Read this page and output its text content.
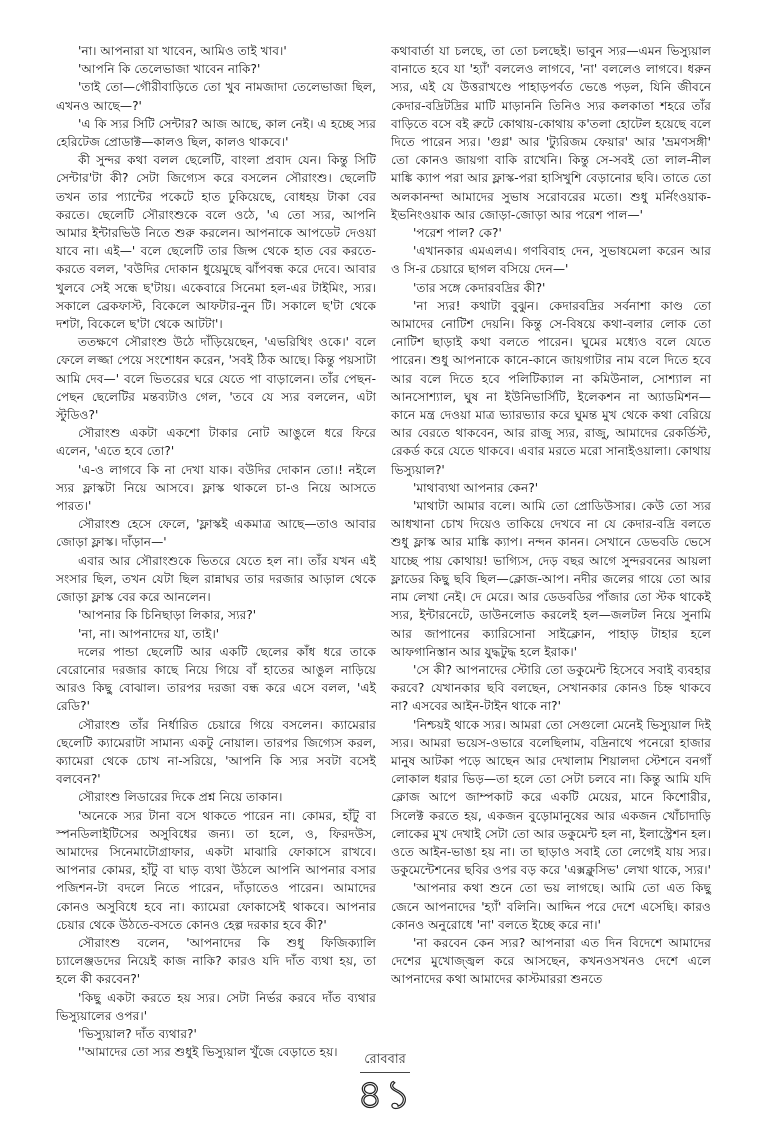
'না। আপনারা যা খাবেন, আমিও তাই খাব।'

'আপনি কি তেলেভাজা খাবেন নাকি?'

'তাই তো—গৌরীবাড়িতে তো খুব নামজাদা তেলেভাজা ছিল, এখনও আছে—?'

'এ কি স্যর সিটি সেন্টার? আজ আছে, কাল নেই। এ হচ্ছে স্যর হেরিটেজ প্রোডাক্ট—কালও ছিল, কালও থাকবে।'

কী সুন্দর কথা বলল ছেলেটি, বাংলা প্রবাদ যেন। কিন্তু সিটি সেন্টার'টা কী? সেটা জিগ্যেস করে বসলেন সৌরাংশু। ছেলেটি তখন তার প্যান্টের পকেটে হাত ঢুকিয়েছে, বোধহয় টাকা বের করতে। ছেলেটি সৌরাংশুকে বলে ওঠে, 'এ তো স্যর, আপনি আমার ইন্টারভিউ নিতে শুরু করলেন। আপনাকে আপডেট দেওয়া যাবে না। এই—' বলে ছেলেটি তার জিন্স থেকে হাত বের করতে-করতে বলল, 'বউদির দোকান ধুয়েমুছে ঝাঁপবন্ধ করে দেবে। আবার খুলবে সেই সন্ধে ছ'টায়। একেবারে সিনেমা হল-এর টাইমিং, স্যর। সকালে ব্রেকফাস্ট, বিকেলে আফটার-নুন টি। সকালে ছ'টা থেকে দশটা, বিকেলে ছ'টা থেকে আটটা'।

ততক্ষণে সৌরাংশু উঠে দাঁড়িয়েছেন, 'এভরিথিং ওকে।' বলে ফেলে লজ্জা পেয়ে সংশোধন করেন, 'সবই ঠিক আছে। কিন্তু পয়সাটা আমি দেব—' বলে ভিতরের ঘরে যেতে পা বাড়ালেন। তাঁর পেছন-পেছন ছেলেটির মন্তব্যটাও গেল, 'তবে যে স্যর বললেন, এটা স্টুডিও?'

সৌরাংশু একটা একশো টাকার নোট আঙুলে ধরে ফিরে এলেন, 'এতে হবে তো?'

'এ-ও লাগবে কি না দেখা যাক। বউদির দোকান তো।! নইলে স্যর ফ্লাস্কটা নিয়ে আসবে। ফ্লাস্ক থাকলে চা-ও নিয়ে আসতে পারত।'

সৌরাংশু হেসে ফেলে, 'ফ্লাস্কই একমাত্র আছে—তাও আবার জোড়া ফ্লাস্ক। দাঁড়ান—'

এবার আর সৌরাংশুকে ভিতরে যেতে হল না। তাঁর যখন এই সংসার ছিল, তখন যেটা ছিল রান্নাঘর তার দরজার আড়াল থেকে জোড়া ফ্লাস্ক বের করে আনলেন।

'আপনার কি চিনিছাড়া লিকার, স্যর?'

'না, না। আপনাদের যা, তাই।'

দলের পান্ডা ছেলেটি আর একটি ছেলের কাঁধ ধরে তাকে বেরোনোর দরজার কাছে নিয়ে গিয়ে বাঁ হাতের আঙুল নাড়িয়ে আরও কিছু বোঝাল। তারপর দরজা বন্ধ করে এসে বলল, 'এই রেডি?'

সৌরাংশু তাঁর নির্ধারিত চেয়ারে গিয়ে বসলেন। ক্যামেরার ছেলেটি ক্যামেরাটা সামান্য একটু নোয়াল। তারপর জিগ্যেস করল, ক্যামেরা থেকে চোখ না-সরিয়ে, 'আপনি কি স্যর সবটা বসেই বলবেন?'

সৌরাংশু লিডারের দিকে প্রশ্ন নিয়ে তাকান।

'অনেকে স্যর টানা বসে থাকতে পারেন না। কোমর, হাঁটু বা স্পনডিলাইটিসের অসুবিধের জন্য। তা হলে, ও, ফিরদউস, আমাদের সিনেমাটোগ্রাফার, একটা মাঝারি ফোকাসে রাখবে। আপনার কোমর, হাঁটু বা ঘাড় ব্যথা উঠলে আপনি আপনার বসার পজিশন-টা বদলে নিতে পারেন, দাঁড়াতেও পারেন। আমাদের কোনও অসুবিধে হবে না। ক্যামেরা ফোকাসেই থাকবে। আপনার চেয়ার থেকে উঠতে-বসতে কোনও হেল্প দরকার হবে কী?'

সৌরাংশু বলেন, 'আপনাদের কি শুধু ফিজিক্যালি চ্যালেঞ্জডদের নিয়েই কাজ নাকি? কারও যদি দাঁত ব্যথা হয়, তা হলে কী করবেন?'

'কিছু একটা করতে হয় স্যর। সেটা নির্ভর করবে দাঁত ব্যথার ভিস্যুয়ালের ওপর।'

'ভিস্যুয়াল? দাঁত ব্যথার?'

''আমাদের তো স্যর শুধুই ভিস্যুয়াল খুঁজে বেড়াতে হয়।

কথাবার্তা যা চলছে, তা তো চলছেই। ভাবুন স্যর—এমন ভিস্যুয়াল বানাতে হবে যা 'হ্যাঁ' বললেও লাগবে, 'না' বললেও লাগবে। ধরুন স্যর, এই যে উত্তরাখণ্ডে পাহাড়পর্বত ভেঙে পড়ল, যিনি জীবনে কেদার-বদ্রিটদ্রির মাটি মাড়াননি তিনিও স্যর কলকাতা শহরে তাঁর বাড়িতে বসে বই রুটে কোথায়-কোথায় ক'তলা হোটেল হয়েছে বলে দিতে পারেন স্যর। 'গুগ্ল' আর 'ট্যুরিজম ফেয়ার' আর 'ভ্রমণসঙ্গী' তো কোনও জায়গা বাকি রাখেনি। কিন্তু সে-সবই তো লাল-নীল মাঙ্কি ক্যাপ পরা আর ফ্লাস্ক-পরা হাসিখুশি বেড়ানোর ছবি। তাতে তো অলকানন্দা আমাদের সুভাষ সরোবরের মতো। শুধু মর্নিংওয়াক-ইভনিংওয়াক আর জোড়া-জোড়া আর পরেশ পাল—'

'পরেশ পাল? কে?'

'এখানকার এমএলএ। গণবিবাহ দেন, সুভাষমেলা করেন আর ও সি-র চেয়ারে ছাগল বসিয়ে দেন—'

'তার সঙ্গে কেদারবদ্রির কী?'

'না স্যর! কথাটা বুঝুন। কেদারবদ্রির সর্বনাশা কাণ্ড তো আমাদের নোটিশ দেয়নি। কিন্তু সে-বিষয়ে কথা-বলার লোক তো নোটিশ ছাড়াই কথা বলতে পারেন। ঘুমের মধ্যেও বলে যেতে পারেন। শুধু আপনাকে কানে-কানে জায়গাটার নাম বলে দিতে হবে আর বলে দিতে হবে পলিটিক্যাল না কমিউনাল, সোশ্যাল না আনসোশ্যাল, ঘুষ না ইউনিভার্সিটি, ইলেকশন না অ্যাডমিশন—কানে মন্ত্র দেওয়া মাত্র ভ্যারভ্যার করে ঘুমন্ত মুখ থেকে কথা বেরিয়ে আর বেরতে থাকবেন, আর রাজু স্যর, রাজু, আমাদের রেকর্ডিস্ট, রেকর্ড করে যেতে থাকবে। এবার মরতে মরো সানাইওয়ালা। কোথায় ভিস্যুয়াল?'

'মাথাব্যথা আপনার কেন?'

'মাথাটা আমার বলে। আমি তো প্রোডিউসার। কেউ তো স্যর আধখানা চোখ দিয়েও তাকিয়ে দেখবে না যে কেদার-বদ্রি বলতে শুধু ফ্লাস্ক আর মাঙ্কি ক্যাপ। নন্দন কানন। সেখানে ডেভবডি ভেসে যাচ্ছে পায় কোথায়! ভাগ্যিস, দেড় বছর আগে সুন্দরবনের আয়লা ফ্লাডের কিছু ছবি ছিল—ক্লোজ-আপ। নদীর জলের গায়ে তো আর নাম লেখা নেই। দে মেরে। আর ডেডবডির পাঁজার তো স্টক থাকেই স্যর, ইন্টারনেটে, ডাউনলোড করলেই হল—জলটল নিয়ে সুনামি আর জাপানের ক্যারিসোনা সাইক্লোন, পাহাড় টাহার হলে আফগানিস্তান আর যুদ্ধটুদ্ধ হলে ইরাক।'

'সে কী? আপনাদের স্টোরি তো ডকুমেন্ট হিসেবে সবাই ব্যবহার করবে? যেখানকার ছবি বলছেন, সেখানকার কোনও চিহ্ন থাকবে না? এসবের আইন-টাইন থাকে না?'

'নিশ্চয়ই থাকে স্যর। আমরা তো সেগুলো মেনেই ভিস্যুয়াল দিই স্যর। আমরা ভয়েস-ওভারে বলেছিলাম, বদ্রিনাথে পনেরো হাজার মানুষ আটকা পড়ে আছেন আর দেখালাম শিয়ালদা স্টেশনে বনগাঁ লোকাল ধরার ভিড়—তা হলে তো সেটা চলবে না। কিন্তু আমি যদি ক্লোজ আপে জাম্পকাট করে একটি মেয়ের, মানে কিশোরীর, সিলেক্ট করতে হয়, একজন বুড়োমানুষের আর একজন খোঁচাদাড়ি লোকের মুখ দেখাই সেটা তো আর ডকুমেন্ট হল না, ইলাস্ট্রেশন হল। ওতে আইন-ভাঙা হয় না। তা ছাড়াও সবাই তো লেগেই যায় স্যর। ডকুমেন্টেশনের ছবির ওপর বড় করে 'এক্সক্লুসিভ' লেখা থাকে, স্যর।'

'আপনার কথা শুনে তো ভয় লাগছে। আমি তো এত কিছু জেনে আপনাদের 'হ্যাঁ' বলিনি। আদ্দিন পরে দেশে এসেছি। কারও কোনও অনুরোধে 'না' বলতে ইচ্ছে করে না।'

'না করবেন কেন স্যর? আপনারা এত দিন বিদেশে আমাদের দেশের মুখোজ্জ্বল করে আসছেন, কখনওসখনও দেশে এলে আপনাদের কথা আমাদের কাস্টমাররা শুনতে

রোববার
৪১
